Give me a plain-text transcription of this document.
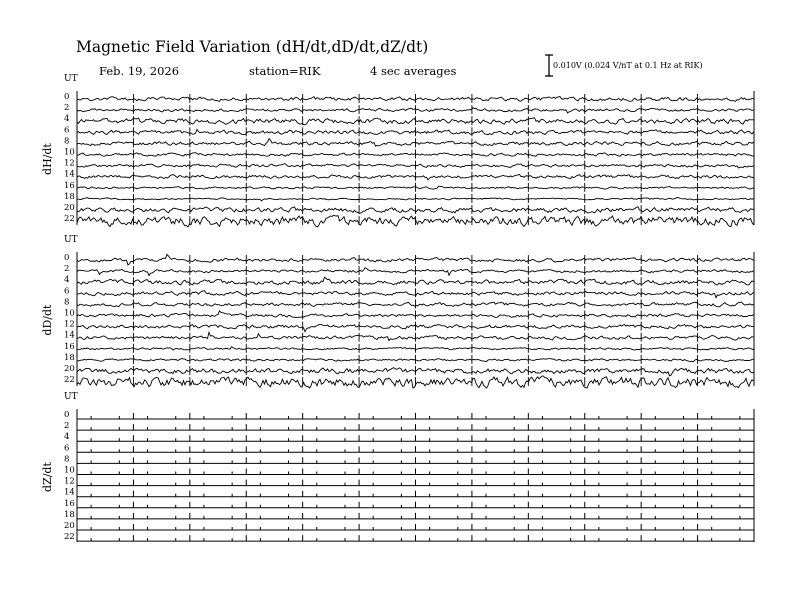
Magnetic Field Variation (dH/dt,dD/dt,dZ/dt)
Feb. 19, 2026	station=RIK	4 sec averages	0.010V (0.024 V/nT at 0.1 Hz at RIK)
UT
dH/dt
0
2
4
6
8
10
12
14
16
18
20
22
UT
dD/dt
0
2
4
6
8
10
12
14
16
18
20
22
UT
dZ/dt
0
2
4
6
8
10
12
14
16
18
20
22
